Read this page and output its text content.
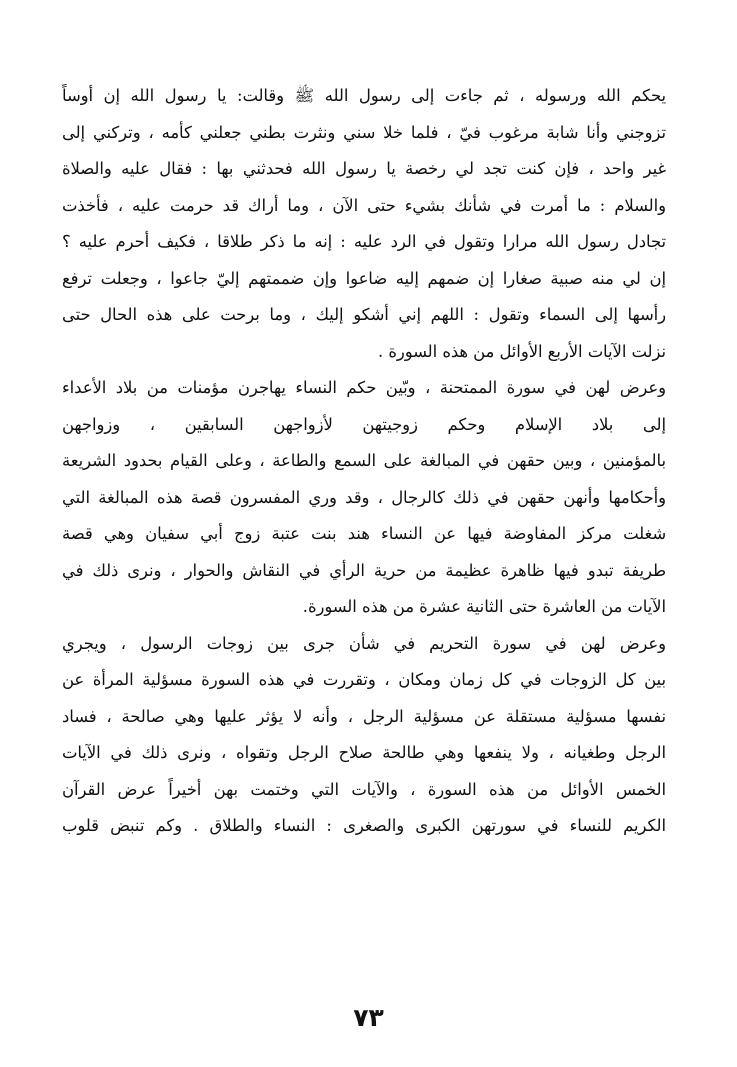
يحكم الله ورسوله ، ثم جاءت إلى رسول الله ﷺ وقالت: يا رسول الله إن أوساً
تزوجني وأنا شابة مرغوب فيّ ، فلما خلا سني ونثرت بطني جعلني كأمه ، وتركني إلى
غير واحد ، فإن كنت تجد لي رخصة يا رسول الله فحدثني بها : فقال عليه والصلاة
والسلام : ما أمرت في شأنك بشيء حتى الآن ، وما أراك قد حرمت عليه ، فأخذت
تجادل رسول الله مرارا وتقول في الرد عليه : إنه ما ذكر طلاقا ، فكيف أحرم عليه ؟
إن لي منه صبية صغارا إن ضمهم إليه ضاعوا وإن ضممتهم إليّ جاعوا ، وجعلت ترفع
رأسها إلى السماء وتقول : اللهم إني أشكو إليك ، وما برحت على هذه الحال حتى
نزلت الآيات الأربع الأوائل من هذه السورة .
وعرض لهن في سورة الممتحنة ، وبّين حكم النساء يهاجرن مؤمنات من بلاد الأعداء
إلى بلاد الإسلام وحكم زوجيتهن لأزواجهن السابقين ، وزواجهن
بالمؤمنين ، وبين حقهن في المبالغة على السمع والطاعة ، وعلى القيام بحدود الشريعة
وأحكامها وأنهن حقهن في ذلك كالرجال ، وقد وري المفسرون قصة هذه المبالغة التي
شغلت مركز المفاوضة فيها عن النساء هند بنت عتبة زوج أبي سفيان وهي قصة
طريفة تبدو فيها ظاهرة عظيمة من حرية الرأي في النقاش والحوار ، ونرى ذلك في
الآيات من العاشرة حتى الثانية عشرة من هذه السورة.
وعرض لهن في سورة التحريم في شأن جرى بين زوجات الرسول ، ويجري
بين كل الزوجات في كل زمان ومكان ، وتقررت في هذه السورة مسؤلية المرأة عن
نفسها مسؤلية مستقلة عن مسؤلية الرجل ، وأنه لا يؤثر عليها وهي صالحة ، فساد
الرجل وطغيانه ، ولا ينفعها وهي طالحة صلاح الرجل وتقواه ، ونرى ذلك في الآيات
الخمس الأوائل من هذه السورة ، والآيات التي وختمت بهن أخيراً عرض القرآن
الكريم للنساء في سورتهن الكبرى والصغرى : النساء والطلاق . وكم تنبض قلوب
٧٣
